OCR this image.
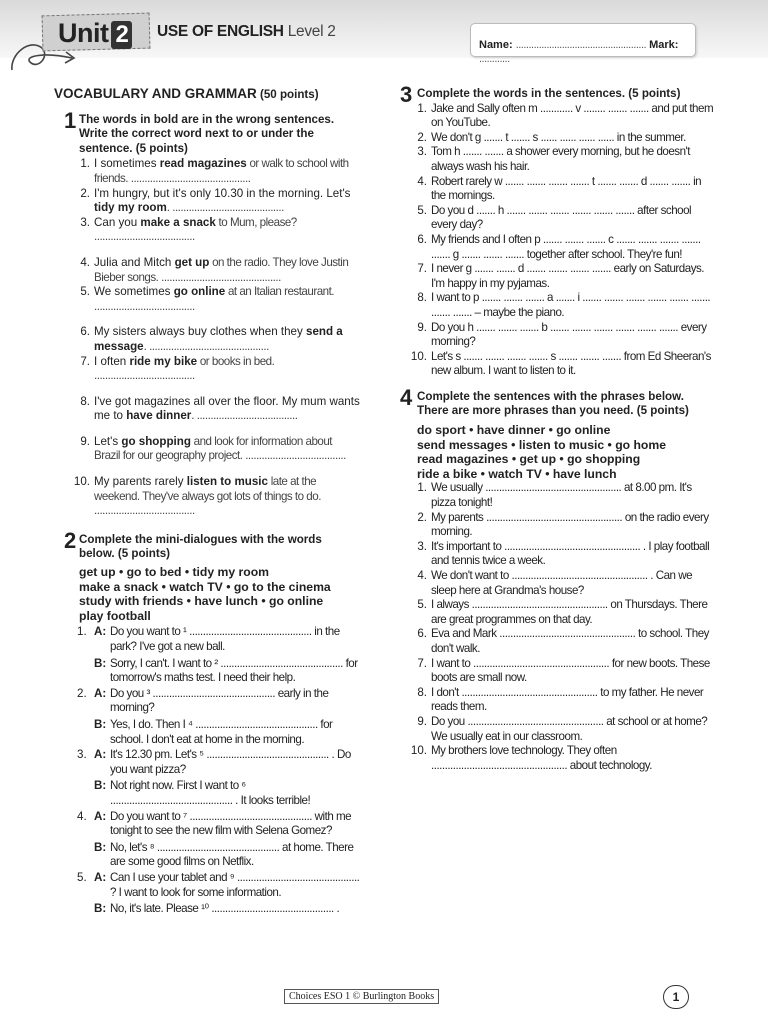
Unit 2 USE OF ENGLISH Level 2
Name: ................................................... Mark: ............
VOCABULARY AND GRAMMAR (50 points)
1 The words in bold are in the wrong sentences. Write the correct word next to or under the sentence. (5 points)
1. I sometimes read magazines or walk to school with friends. ............................................
2. I'm hungry, but it's only 10.30 in the morning. Let's tidy my room. .........................................
3. Can you make a snack to Mum, please? .....................................
4. Julia and Mitch get up on the radio. They love Justin Bieber songs. ............................................
5. We sometimes go online at an Italian restaurant. .....................................
6. My sisters always buy clothes when they send a message. ............................................
7. I often ride my bike or books in bed. .....................................
8. I've got magazines all over the floor. My mum wants me to have dinner. .....................................
9. Let's go shopping and look for information about Brazil for our geography project. .....................................
10. My parents rarely listen to music late at the weekend. They've always got lots of things to do. .....................................
2 Complete the mini-dialogues with the words below. (5 points)
get up • go to bed • tidy my room
make a snack • watch TV • go to the cinema
study with friends • have lunch • go online
play football
1. A: Do you want to ¹ ............................................. in the park? I've got a new ball.
B: Sorry, I can't. I want to ² ............................................. for tomorrow's maths test. I need their help.
2. A: Do you ³ ............................................. early in the morning?
B: Yes, I do. Then I ⁴ ............................................. for school. I don't eat at home in the morning.
3. A: It's 12.30 pm. Let's ⁵ ............................................. . Do you want pizza?
B: Not right now. First I want to ⁶ ............................................. . It looks terrible!
4. A: Do you want to ⁷ ............................................. with me tonight to see the new film with Selena Gomez?
B: No, let's ⁸ ............................................. at home. There are some good films on Netflix.
5. A: Can I use your tablet and ⁹ ............................................. ? I want to look for some information.
B: No, it's late. Please ¹⁰ ............................................. .
3 Complete the words in the sentences. (5 points)
1. Jake and Sally often m ............ v ........ ....... ....... and put them on YouTube.
2. We don't g ....... t ....... s ...... ...... ...... ...... in the summer.
3. Tom h ....... ....... a shower every morning, but he doesn't always wash his hair.
4. Robert rarely w ....... ....... ....... ....... t ....... ....... d ....... ....... in the mornings.
5. Do you d ....... h ....... ....... ....... ....... ....... ....... after school every day?
6. My friends and I often p ....... ....... ....... c ....... ....... ....... ....... ....... g ....... ....... ....... together after school. They're fun!
7. I never g ....... ....... d ....... ....... ....... ....... early on Saturdays. I'm happy in my pyjamas.
8. I want to p ....... ....... ....... a ....... i ....... ....... ....... ....... ....... ....... ....... ....... – maybe the piano.
9. Do you h ....... ....... ....... b ....... ....... ....... ....... ....... ....... every morning?
10. Let's s ....... ....... ....... ....... s ....... ....... ....... from Ed Sheeran's new album. I want to listen to it.
4 Complete the sentences with the phrases below. There are more phrases than you need. (5 points)
do sport • have dinner • go online
send messages • listen to music • go home
read magazines • get up • go shopping
ride a bike • watch TV • have lunch
1. We usually .................................................. at 8.00 pm. It's pizza tonight!
2. My parents .................................................. on the radio every morning.
3. It's important to .................................................. . I play football and tennis twice a week.
4. We don't want to .................................................. . Can we sleep here at Grandma's house?
5. I always .................................................. on Thursdays. There are great programmes on that day.
6. Eva and Mark .................................................. to school. They don't walk.
7. I want to .................................................. for new boots. These boots are small now.
8. I don't .................................................. to my father. He never reads them.
9. Do you .................................................. at school or at home? We usually eat in our classroom.
10. My brothers love technology. They often .................................................. about technology.
Choices ESO 1 © Burlington Books	1
